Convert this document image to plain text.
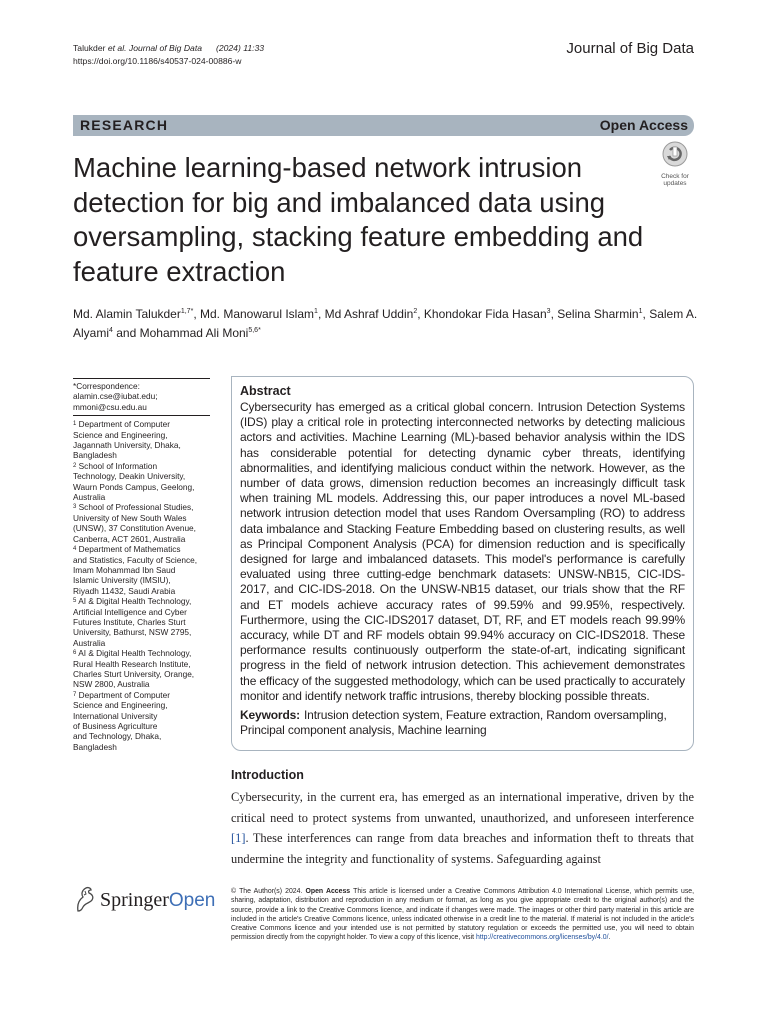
Talukder et al. Journal of Big Data (2024) 11:33
https://doi.org/10.1186/s40537-024-00886-w
Journal of Big Data
RESEARCH	Open Access
Check for
updates
Machine learning-based network intrusion detection for big and imbalanced data using oversampling, stacking feature embedding and feature extraction
Md. Alamin Talukder$^{1,7*}$, Md. Manowarul Islam$^1$, Md Ashraf Uddin$^2$, Khondokar Fida Hasan$^3$, Selina Sharmin$^1$, Salem A. Alyami$^4$ and Mohammad Ali Moni$^{5,6*}$
*Correspondence:
alamin.cse@iubat.edu;
mmoni@csu.edu.au
$^1$ Department of Computer
Science and Engineering,
Jagannath University, Dhaka,
Bangladesh
$^2$ School of Information
Technology, Deakin University,
Waurn Ponds Campus, Geelong,
Australia
$^3$ School of Professional Studies,
University of New South Wales
(UNSW), 37 Constitution Avenue,
Canberra, ACT 2601, Australia
$^4$ Department of Mathematics
and Statistics, Faculty of Science,
Imam Mohammad Ibn Saud
Islamic University (IMSIU),
Riyadh 11432, Saudi Arabia
$^5$ AI & Digital Health Technology,
Artificial Intelligence and Cyber
Futures Institute, Charles Sturt
University, Bathurst, NSW 2795,
Australia
$^6$ AI & Digital Health Technology,
Rural Health Research Institute,
Charles Sturt University, Orange,
NSW 2800, Australia
$^7$ Department of Computer
Science and Engineering,
International University
of Business Agriculture
and Technology, Dhaka,
Bangladesh
Abstract

Cybersecurity has emerged as a critical global concern. Intrusion Detection Systems (IDS) play a critical role in protecting interconnected networks by detecting malicious actors and activities. Machine Learning (ML)-based behavior analysis within the IDS has considerable potential for detecting dynamic cyber threats, identifying abnormalities, and identifying malicious conduct within the network. However, as the number of data grows, dimension reduction becomes an increasingly difficult task when training ML models. Addressing this, our paper introduces a novel ML-based network intrusion detection model that uses Random Oversampling (RO) to address data imbalance and Stacking Feature Embedding based on clustering results, as well as Principal Component Analysis (PCA) for dimension reduction and is specifically designed for large and imbalanced datasets. This model's performance is carefully evaluated using three cutting-edge benchmark datasets: UNSW-NB15, CIC-IDS-2017, and CIC-IDS-2018. On the UNSW-NB15 dataset, our trials show that the RF and ET models achieve accuracy rates of 99.59% and 99.95%, respectively. Furthermore, using the CIC-IDS2017 dataset, DT, RF, and ET models reach 99.99% accuracy, while DT and RF models obtain 99.94% accuracy on CIC-IDS2018. These performance results continuously outperform the state-of-art, indicating significant progress in the field of network intrusion detection. This achievement demonstrates the efficacy of the suggested methodology, which can be used practically to accurately monitor and identify network traffic intrusions, thereby blocking possible threats.

Keywords: Intrusion detection system, Feature extraction, Random oversampling, Principal component analysis, Machine learning
Introduction
Cybersecurity, in the current era, has emerged as an international imperative, driven by the critical need to protect systems from unwanted, unauthorized, and unforeseen interference [1]. These interferences can range from data breaches and information theft to threats that undermine the integrity and functionality of systems. Safeguarding against
SpringerOpen © The Author(s) 2024. Open Access This article is licensed under a Creative Commons Attribution 4.0 International License, which permits use, sharing, adaptation, distribution and reproduction in any medium or format, as long as you give appropriate credit to the original author(s) and the source, provide a link to the Creative Commons licence, and indicate if changes were made. The images or other third party material in this article are included in the article's Creative Commons licence, unless indicated otherwise in a credit line to the material. If material is not included in the article's Creative Commons licence and your intended use is not permitted by statutory regulation or exceeds the permitted use, you will need to obtain permission directly from the copyright holder. To view a copy of this licence, visit http://creativecommons.org/licenses/by/4.0/.
